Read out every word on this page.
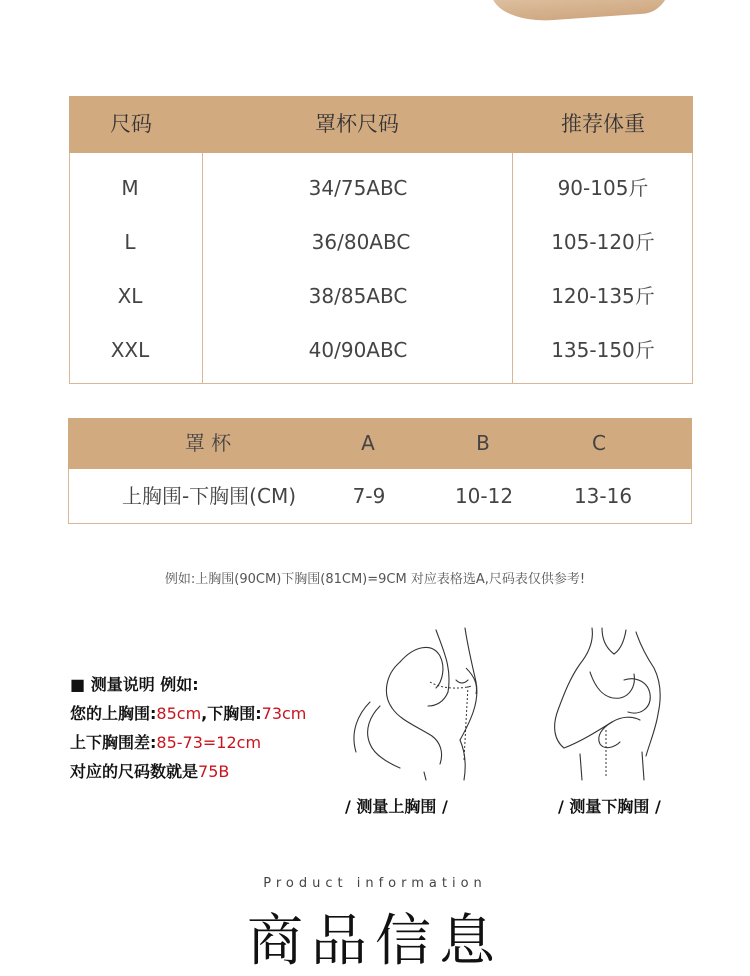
尺码	罩杯尺码	推荐体重
M	34/75ABC	90-105斤
L	36/80ABC	105-120斤
XL	38/85ABC	120-135斤
XXL	40/90ABC	135-150斤
罩 杯	A	B	C
上胸围-下胸围(CM)	7-9	10-12	13-16
例如:上胸围(90CM)下胸围(81CM)=9CM 对应表格选A,尺码表仅供参考!
■ 测量说明 例如:
您的上胸围:85cm,下胸围:73cm
上下胸围差:85-73=12cm
对应的尺码数就是75B
/ 测量上胸围 /	/ 测量下胸围 /
Product information
商品信息
